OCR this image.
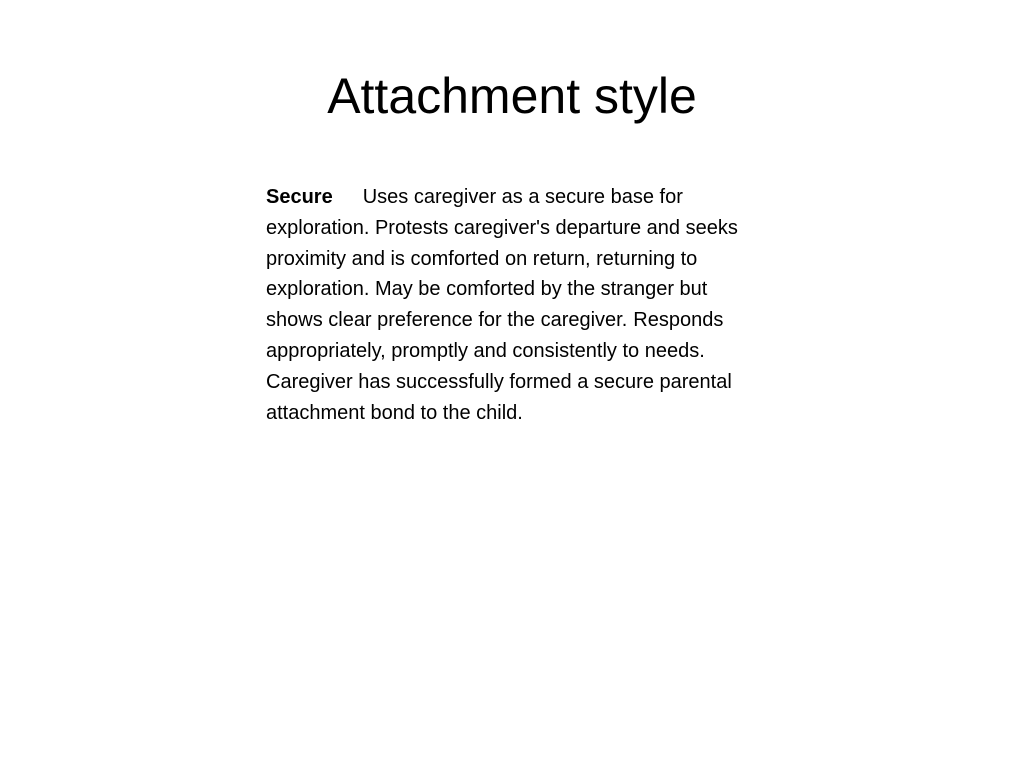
Attachment style

Secure Uses caregiver as a secure base for exploration. Protests caregiver's departure and seeks proximity and is comforted on return, returning to exploration. May be comforted by the stranger but shows clear preference for the caregiver. Responds appropriately, promptly and consistently to needs. Caregiver has successfully formed a secure parental attachment bond to the child.
